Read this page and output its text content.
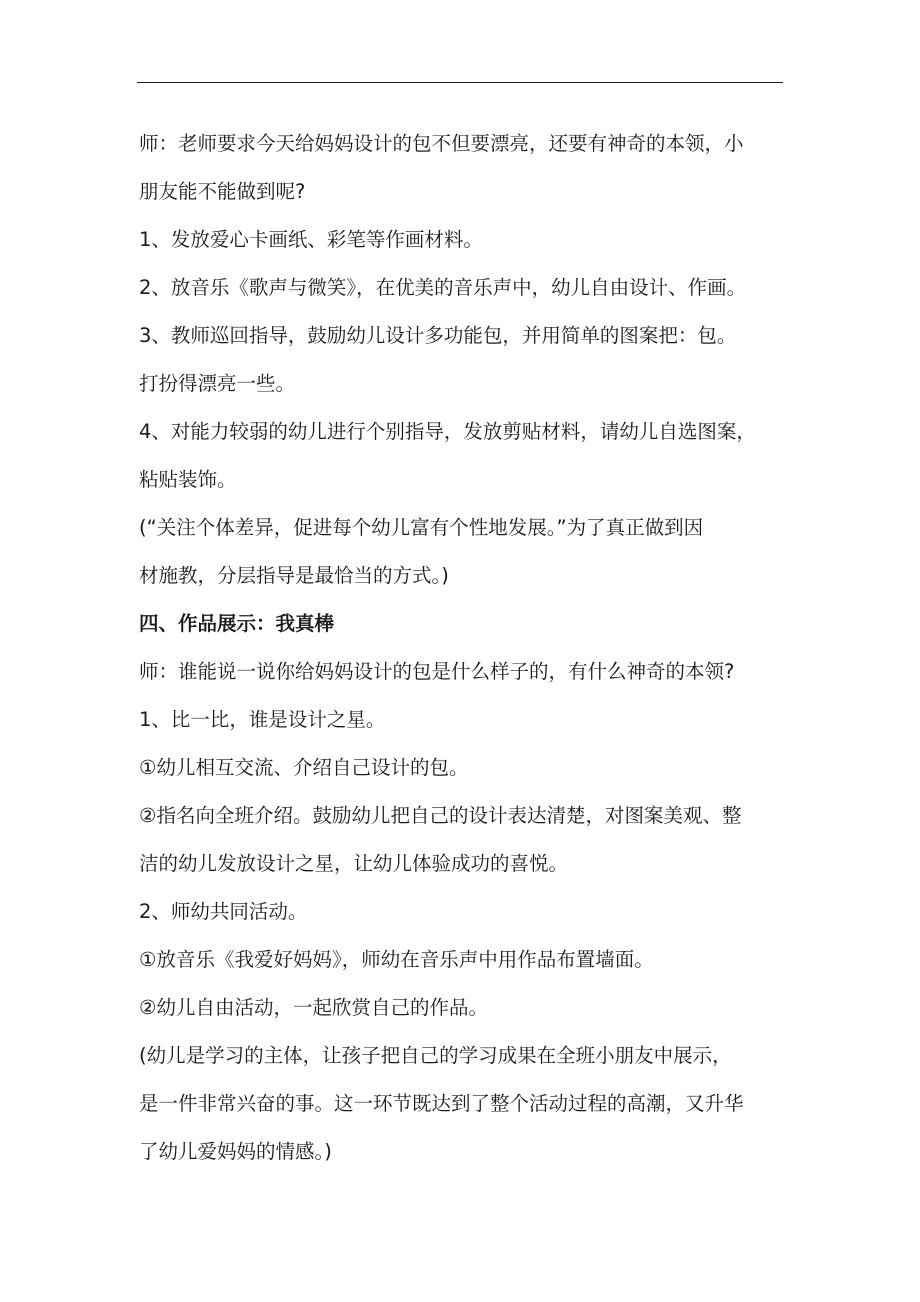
师：老师要求今天给妈妈设计的包不但要漂亮，还要有神奇的本领，小
朋友能不能做到呢?
1、发放爱心卡画纸、彩笔等作画材料。
2、放音乐《歌声与微笑》，在优美的音乐声中，幼儿自由设计、作画。
3、教师巡回指导，鼓励幼儿设计多功能包，并用简单的图案把：包。
打扮得漂亮一些。
4、对能力较弱的幼儿进行个别指导，发放剪贴材料，请幼儿自选图案，
粘贴装饰。
(“关注个体差异，促进每个幼儿富有个性地发展。”为了真正做到因
材施教，分层指导是最恰当的方式。)
四、作品展示：我真棒
师：谁能说一说你给妈妈设计的包是什么样子的，有什么神奇的本领?
1、比一比，谁是设计之星。
①幼儿相互交流、介绍自己设计的包。
②指名向全班介绍。鼓励幼儿把自己的设计表达清楚，对图案美观、整
洁的幼儿发放设计之星，让幼儿体验成功的喜悦。
2、师幼共同活动。
①放音乐《我爱好妈妈》，师幼在音乐声中用作品布置墙面。
②幼儿自由活动，一起欣赏自己的作品。
(幼儿是学习的主体，让孩子把自己的学习成果在全班小朋友中展示，
是一件非常兴奋的事。这一环节既达到了整个活动过程的高潮，又升华
了幼儿爱妈妈的情感。)
